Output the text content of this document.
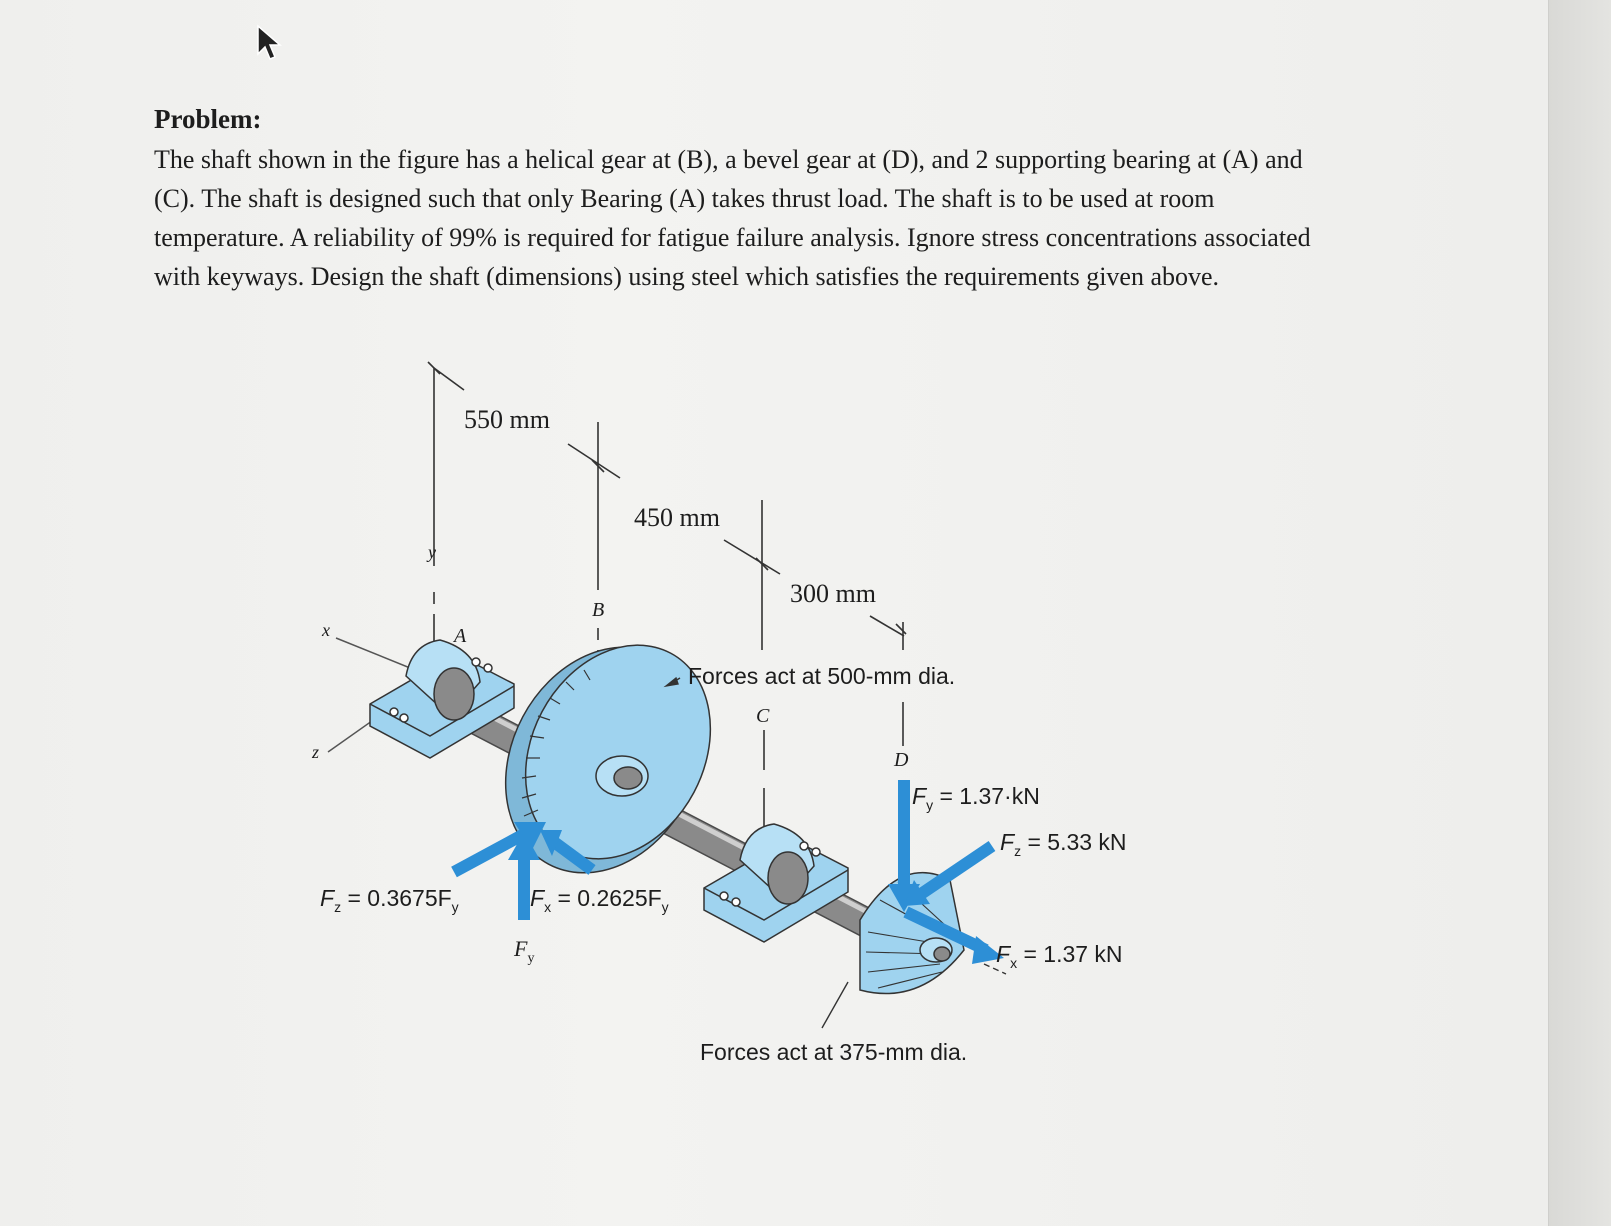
Problem:
The shaft shown in the figure has a helical gear at (B), a bevel gear at (D), and 2 supporting bearing at (A) and (C). The shaft is designed such that only Bearing (A) takes thrust load. The shaft is to be used at room temperature. A reliability of 99% is required for fatigue failure analysis. Ignore stress concentrations associated with keyways. Design the shaft (dimensions) using steel which satisfies the requirements given above.
550 mm
450 mm
300 mm
y
x
z
A
B
C
D
Forces act at 500-mm dia.
Forces act at 375-mm dia.
$F_z = 0.3675F_y$	$F_x = 0.2625F_y$
$F_y$
$F_y = 1.37\cdot kN$
$F_z = 5.33$ kN
$F_x = 1.37$ kN
